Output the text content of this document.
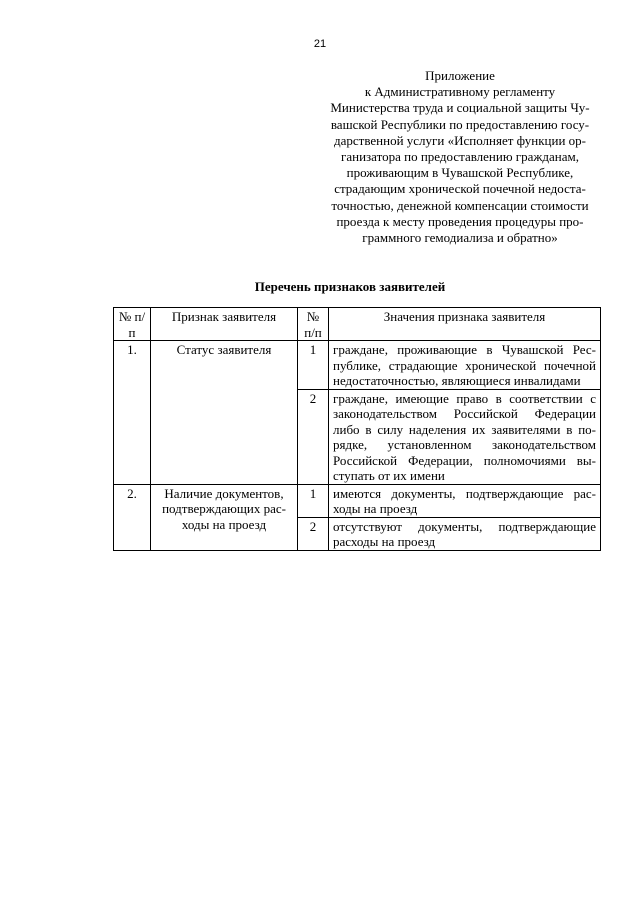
21
Приложение
к Административному регламенту
Министерства труда и социальной защиты Чу-
вашской Республики по предоставлению госу-
дарственной услуги «Исполняет функции ор-
ганизатора по предоставлению гражданам,
проживающим в Чувашской Республике,
страдающим хронической почечной недоста-
точностью, денежной компенсации стоимости
проезда к месту проведения процедуры про-
граммного гемодиализа и обратно»
Перечень признаков заявителей
№ п/п	Признак заявителя	№ п/п	Значения признака заявителя
1.	Статус заявителя	1	граждане, проживающие в Чувашской Рес-публике, страдающие хронической почечной недостаточностью, являющиеся инвалидами
		2	граждане, имеющие право в соответствии с законодательством Российской Федерации либо в силу наделения их заявителями в по-рядке, установленном законодательством Российской Федерации, полномочиями вы-ступать от их имени
2.	Наличие документов, подтверждающих рас-ходы на проезд	1	имеются документы, подтверждающие рас-ходы на проезд
		2	отсутствуют документы, подтверждающие расходы на проезд
